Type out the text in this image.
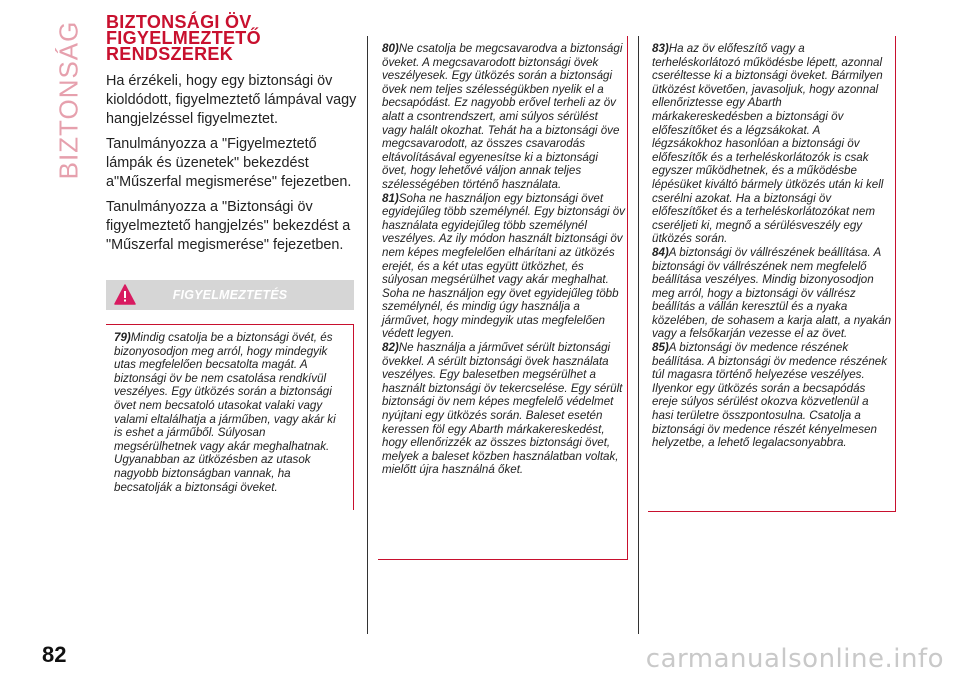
BIZTONSÁG BIZTONSÁGI ÖV
FIGYELMEZTETŐ
RENDSZEREK

Ha érzékeli, hogy egy biztonsági öv kioldódott, figyelmeztető lámpával vagy hangjelzéssel figyelmeztet.

Tanulmányozza a "Figyelmeztető lámpák és üzenetek" bekezdést a"Műszerfal megismerése" fejezetben.

Tanulmányozza a "Biztonsági öv figyelmeztető hangjelzés" bekezdést a "Műszerfal megismerése" fejezetben.

FIGYELMEZTETÉS
79)Mindig csatolja be a biztonsági övét, és bizonyosodjon meg arról, hogy mindegyik utas megfelelően becsatolta magát. A biztonsági öv be nem csatolása rendkívül veszélyes. Egy ütközés során a biztonsági övet nem becsatoló utasokat valaki vagy valami eltalálhatja a járműben, vagy akár ki is eshet a járműből. Súlyosan megsérülhetnek vagy akár meghalhatnak. Ugyanabban az ütközésben az utasok nagyobb biztonságban vannak, ha becsatolják a biztonsági öveket.
80)Ne csatolja be megcsavarodva a biztonsági öveket. A megcsavarodott biztonsági övek veszélyesek. Egy ütközés során a biztonsági övek nem teljes szélességükben nyelik el a becsapódást. Ez nagyobb erővel terheli az öv alatt a csontrendszert, ami súlyos sérülést vagy halált okozhat. Tehát ha a biztonsági öve megcsavarodott, az összes csavarodás eltávolításával egyenesítse ki a biztonsági övet, hogy lehetővé váljon annak teljes szélességében történő használata.
81)Soha ne használjon egy biztonsági övet egyidejűleg több személynél. Egy biztonsági öv használata egyidejűleg több személynél veszélyes. Az ily módon használt biztonsági öv nem képes megfelelően elhárítani az ütközés erejét, és a két utas együtt ütközhet, és súlyosan megsérülhet vagy akár meghalhat. Soha ne használjon egy övet egyidejűleg több személynél, és mindig úgy használja a járművet, hogy mindegyik utas megfelelően védett legyen.
82)Ne használja a járművet sérült biztonsági övekkel. A sérült biztonsági övek használata veszélyes. Egy balesetben megsérülhet a használt biztonsági öv tekercselése. Egy sérült biztonsági öv nem képes megfelelő védelmet nyújtani egy ütközés során. Baleset esetén keressen föl egy Abarth márkakereskedést, hogy ellenőrizzék az összes biztonsági övet, melyek a baleset közben használatban voltak, mielőtt újra használná őket.
83)Ha az öv előfeszítő vagy a terheléskorlátozó működésbe lépett, azonnal cseréltesse ki a biztonsági öveket. Bármilyen ütközést követően, javasoljuk, hogy azonnal ellenőriztesse egy Abarth márkakereskedésben a biztonsági öv előfeszítőket és a légzsákokat. A légzsákokhoz hasonlóan a biztonsági öv előfeszítők és a terheléskorlátozók is csak egyszer működhetnek, és a működésbe lépésüket kiváltó bármely ütközés után ki kell cserélni azokat. Ha a biztonsági öv előfeszítőket és a terheléskorlátozókat nem cseréljeti ki, megnő a sérülésveszély egy ütközés során.
84)A biztonsági öv vállrészének beállítása. A biztonsági öv vállrészének nem megfelelő beállítása veszélyes. Mindig bizonyosodjon meg arról, hogy a biztonsági öv vállrész beállítás a vállán keresztül és a nyaka közelében, de sohasem a karja alatt, a nyakán vagy a felsőkarján vezesse el az övet.
85)A biztonsági öv medence részének beállítása. A biztonsági öv medence részének túl magasra történő helyezése veszélyes. Ilyenkor egy ütközés során a becsapódás ereje súlyos sérülést okozva közvetlenül a hasi területre összpontosulna. Csatolja a biztonsági öv medence részét kényelmesen helyzetbe, a lehető legalacsonyabbra.
82	carmanualsonline.info
